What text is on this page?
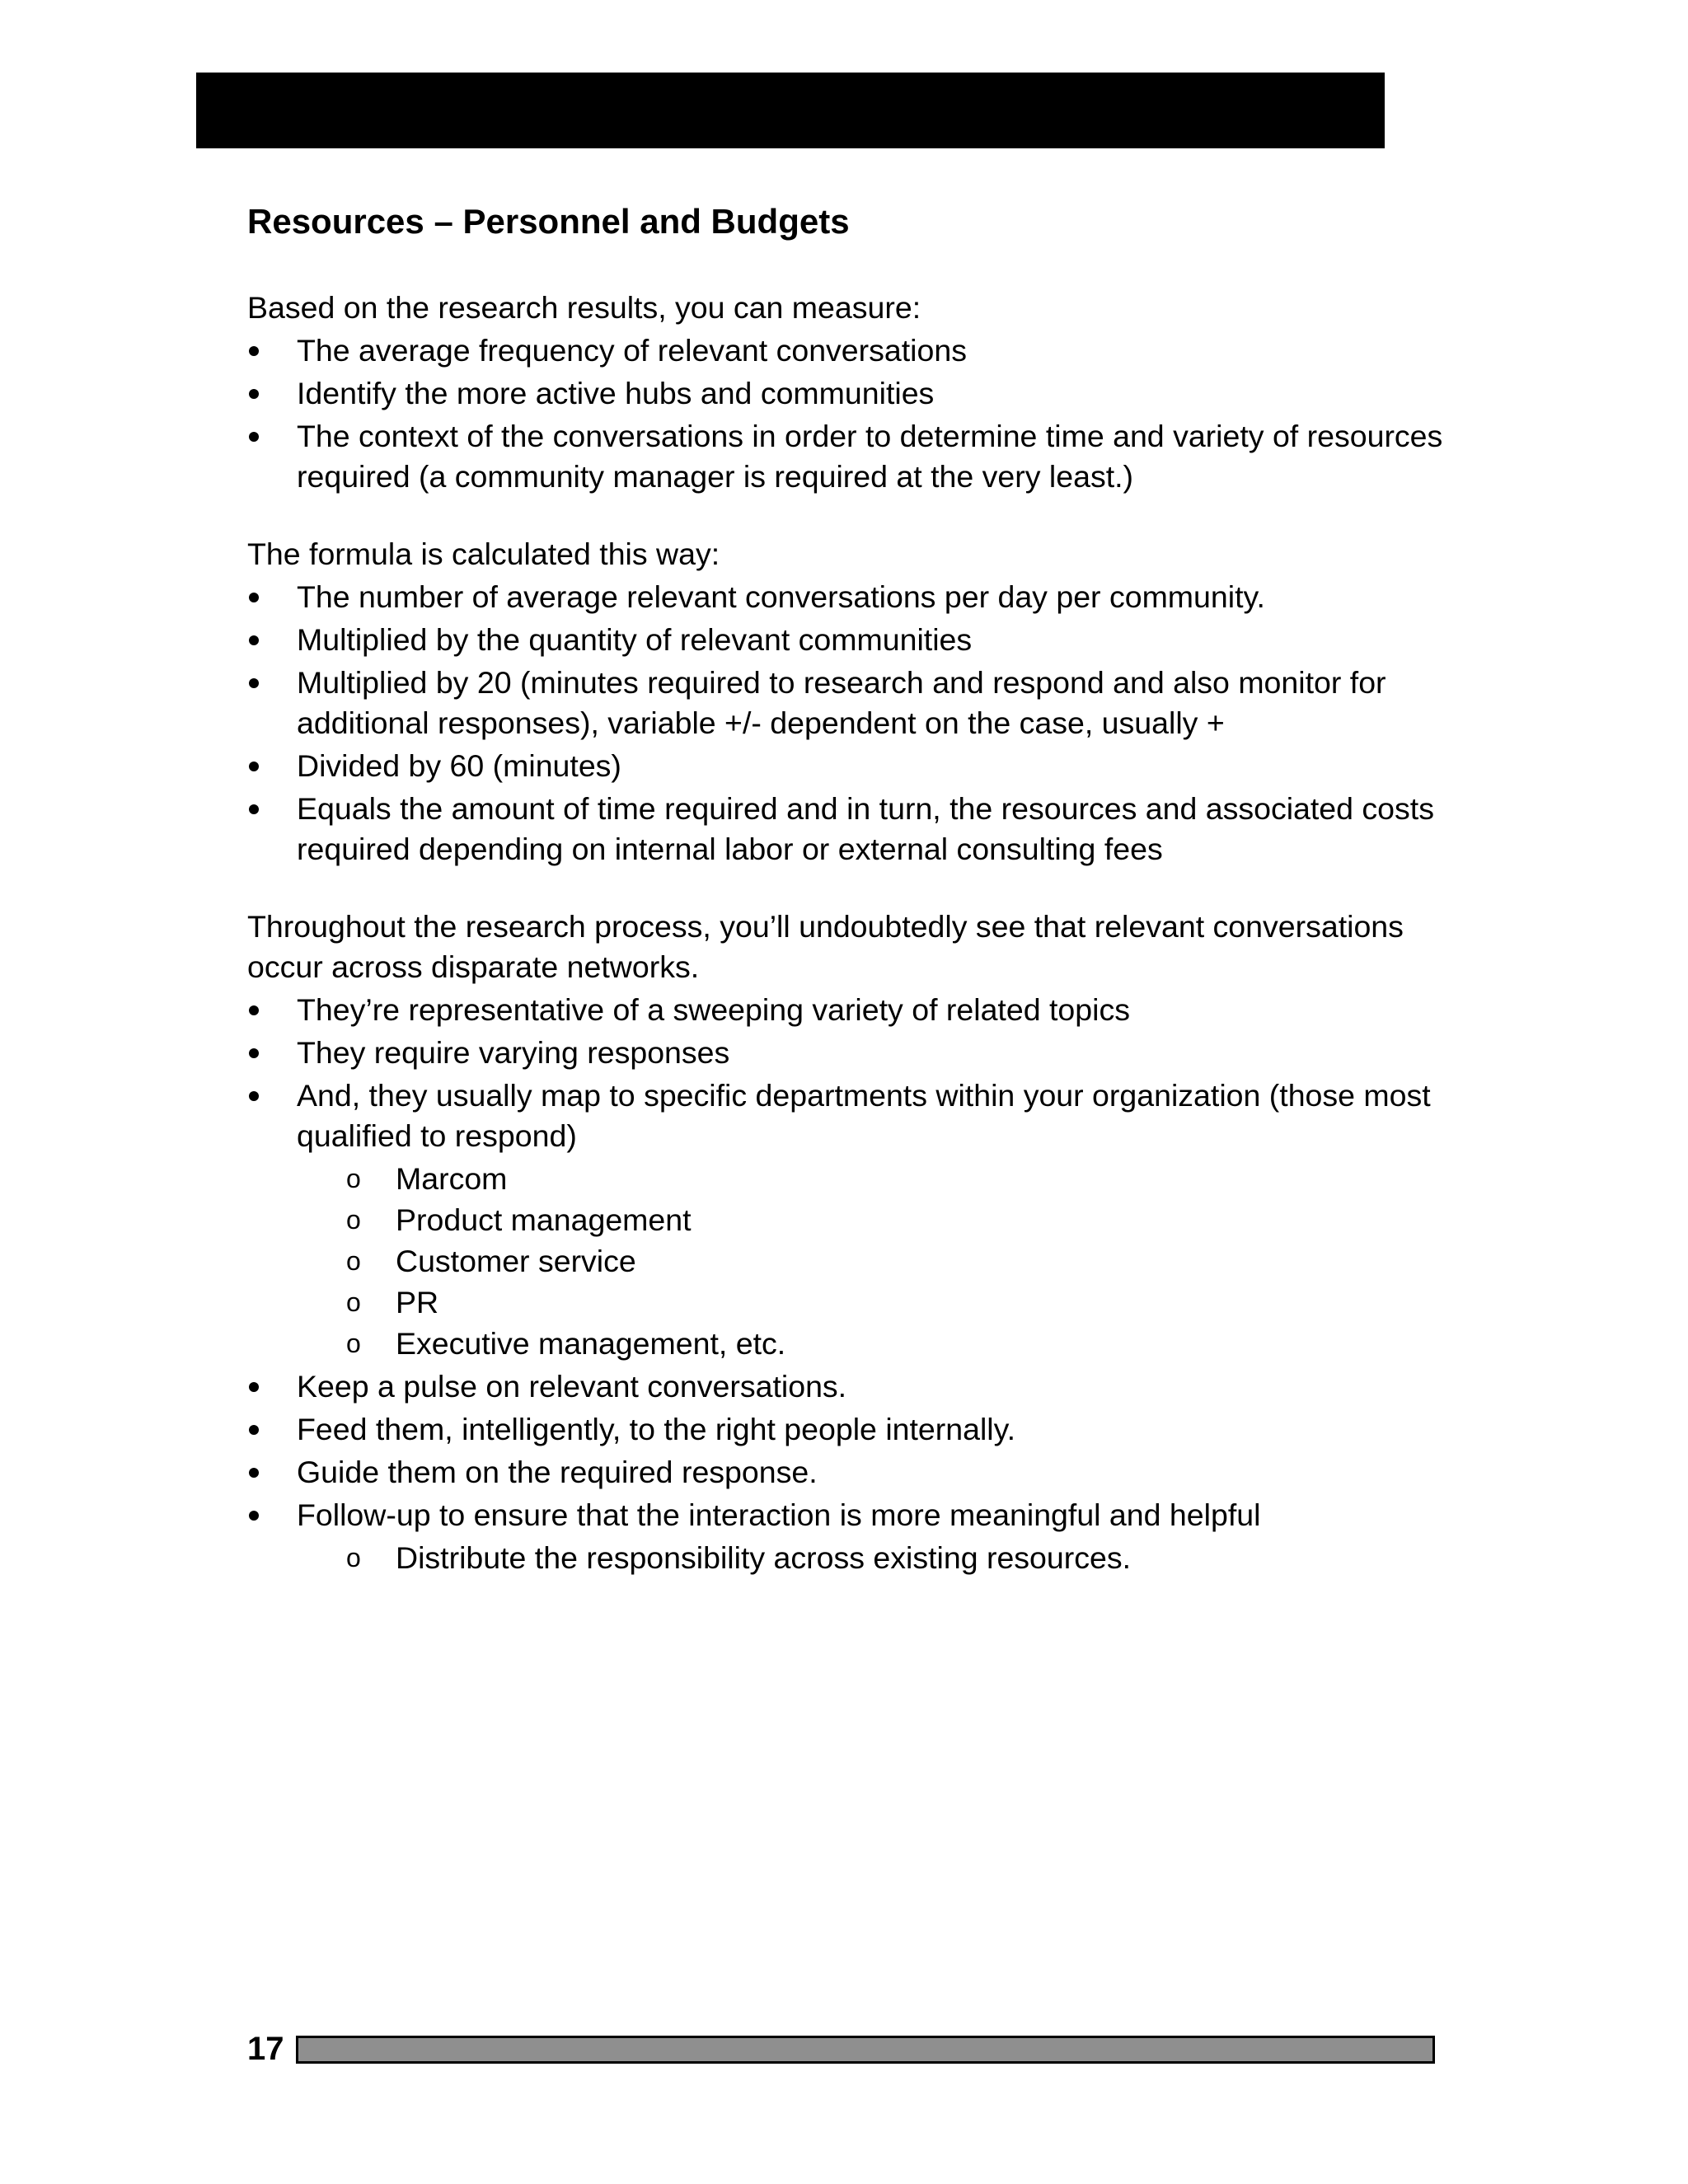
Resources – Personnel and Budgets

Based on the research results, you can measure:

The average frequency of relevant conversations
Identify the more active hubs and communities
The context of the conversations in order to determine time and variety of resources required (a community manager is required at the very least.)

The formula is calculated this way:

The number of average relevant conversations per day per community.
Multiplied by the quantity of relevant communities
Multiplied by 20 (minutes required to research and respond and also monitor for additional responses), variable +/- dependent on the case, usually +
Divided by 60 (minutes)
Equals the amount of time required and in turn, the resources and associated costs required depending on internal labor or external consulting fees

Throughout the research process, you’ll undoubtedly see that relevant conversations occur across disparate networks.

They’re representative of a sweeping variety of related topics
They require varying responses
And, they usually map to specific departments within your organization (those most qualified to respond)
o Marcom
o Product management
o Customer service
o PR
o Executive management, etc.
Keep a pulse on relevant conversations.
Feed them, intelligently, to the right people internally.
Guide them on the required response.
Follow-up to ensure that the interaction is more meaningful and helpful
o Distribute the responsibility across existing resources.
17
